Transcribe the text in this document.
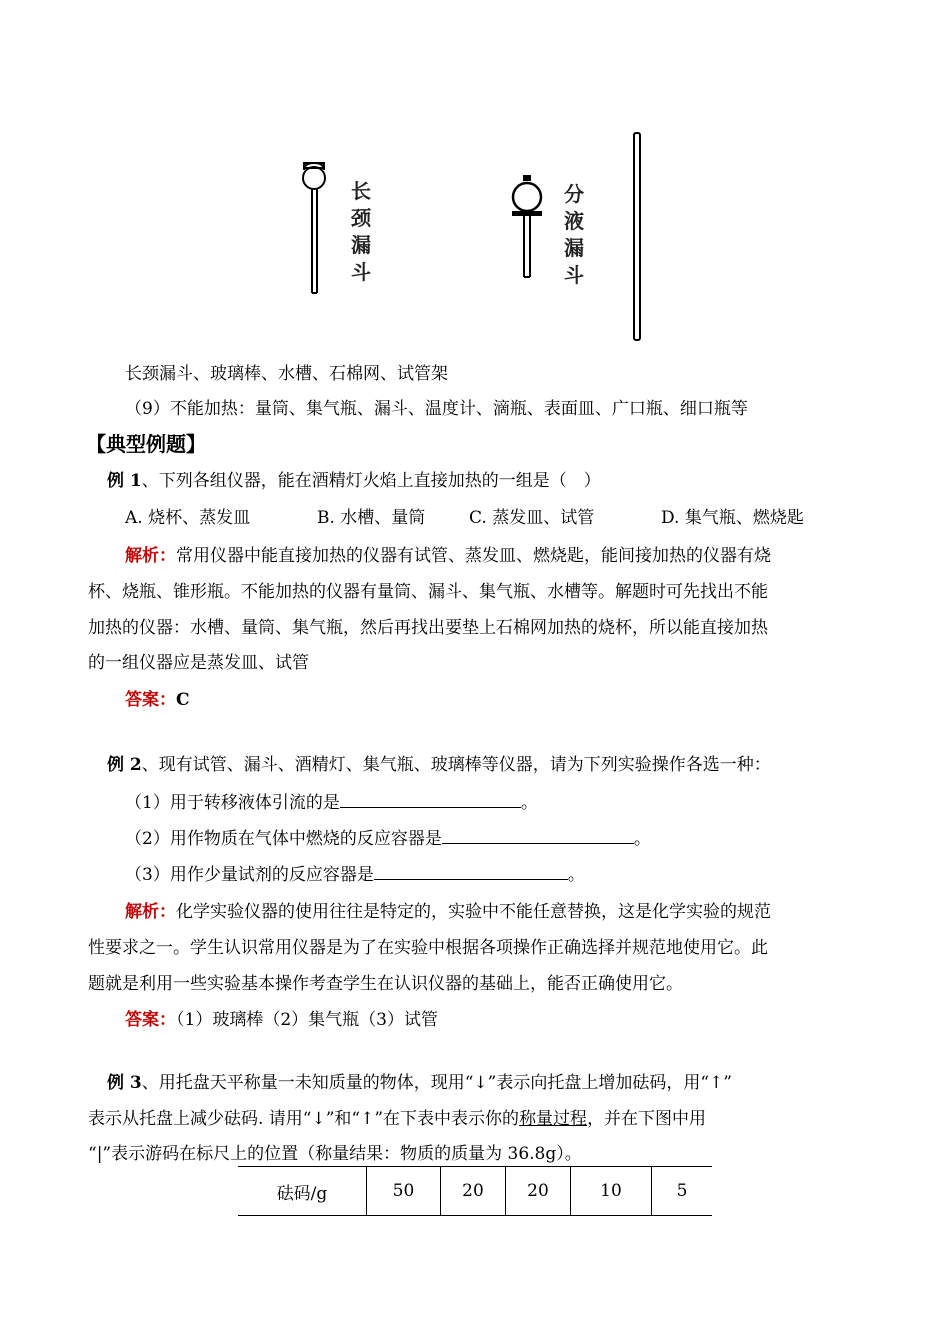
长
颈
漏
斗
分
液
漏
斗
长颈漏斗、玻璃棒、水槽、石棉网、试管架
（9）不能加热：量筒、集气瓶、漏斗、温度计、滴瓶、表面皿、广口瓶、细口瓶等
【典型例题】
例 1、下列各组仪器，能在酒精灯火焰上直接加热的一组是（　）
A. 烧杯、蒸发皿	B. 水槽、量筒	C. 蒸发皿、试管	D. 集气瓶、燃烧匙
解析：常用仪器中能直接加热的仪器有试管、蒸发皿、燃烧匙，能间接加热的仪器有烧
杯、烧瓶、锥形瓶。不能加热的仪器有量筒、漏斗、集气瓶、水槽等。解题时可先找出不能
加热的仪器：水槽、量筒、集气瓶，然后再找出要垫上石棉网加热的烧杯，所以能直接加热
的一组仪器应是蒸发皿、试管
答案：C
例 2、现有试管、漏斗、酒精灯、集气瓶、玻璃棒等仪器，请为下列实验操作各选一种：
（1）用于转移液体引流的是	。
（2）用作物质在气体中燃烧的反应容器是	。
（3）用作少量试剂的反应容器是	。
解析：化学实验仪器的使用往往是特定的，实验中不能任意替换，这是化学实验的规范
性要求之一。学生认识常用仪器是为了在实验中根据各项操作正确选择并规范地使用它。此
题就是利用一些实验基本操作考查学生在认识仪器的基础上，能否正确使用它。
答案：（1）玻璃棒（2）集气瓶（3）试管
例 3、用托盘天平称量一未知质量的物体，现用“↓”表示向托盘上增加砝码，用“↑”
表示从托盘上减少砝码. 请用“↓”和“↑”在下表中表示你的称量过程，并在下图中用
“|”表示游码在标尺上的位置（称量结果：物质的质量为 36.8g）。
砝码/g	50	20	20	10	5
